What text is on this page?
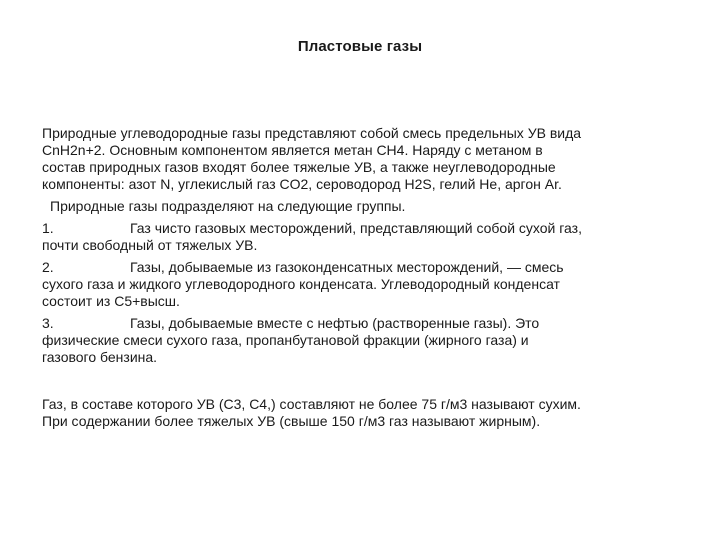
Пластовые газы
Природные углеводородные газы представляют собой смесь предельных УВ вида
CnH2n+2. Основным компонентом является метан CH4. Наряду с метаном в
состав природных газов входят более тяжелые УВ, а также неуглеводородные
компоненты: азот N, углекислый газ CO2, сероводород H2S, гелий He, аргон Ar.
Природные газы подразделяют на следующие группы.
1.	Газ чисто газовых месторождений, представляющий собой сухой газ,
почти свободный от тяжелых УВ.
2.	Газы, добываемые из газоконденсатных месторождений, — смесь
сухого газа и жидкого углеводородного конденсата. Углеводородный конденсат
состоит из С5+высш.
3.	Газы, добываемые вместе с нефтью (растворенные газы). Это
физические смеси сухого газа, пропанбутановой фракции (жирного газа) и
газового бензина.
Газ, в составе которого УВ (С3, С4,) составляют не более 75 г/м3 называют сухим.
При содержании более тяжелых УВ (свыше 150 г/м3 газ называют жирным).
